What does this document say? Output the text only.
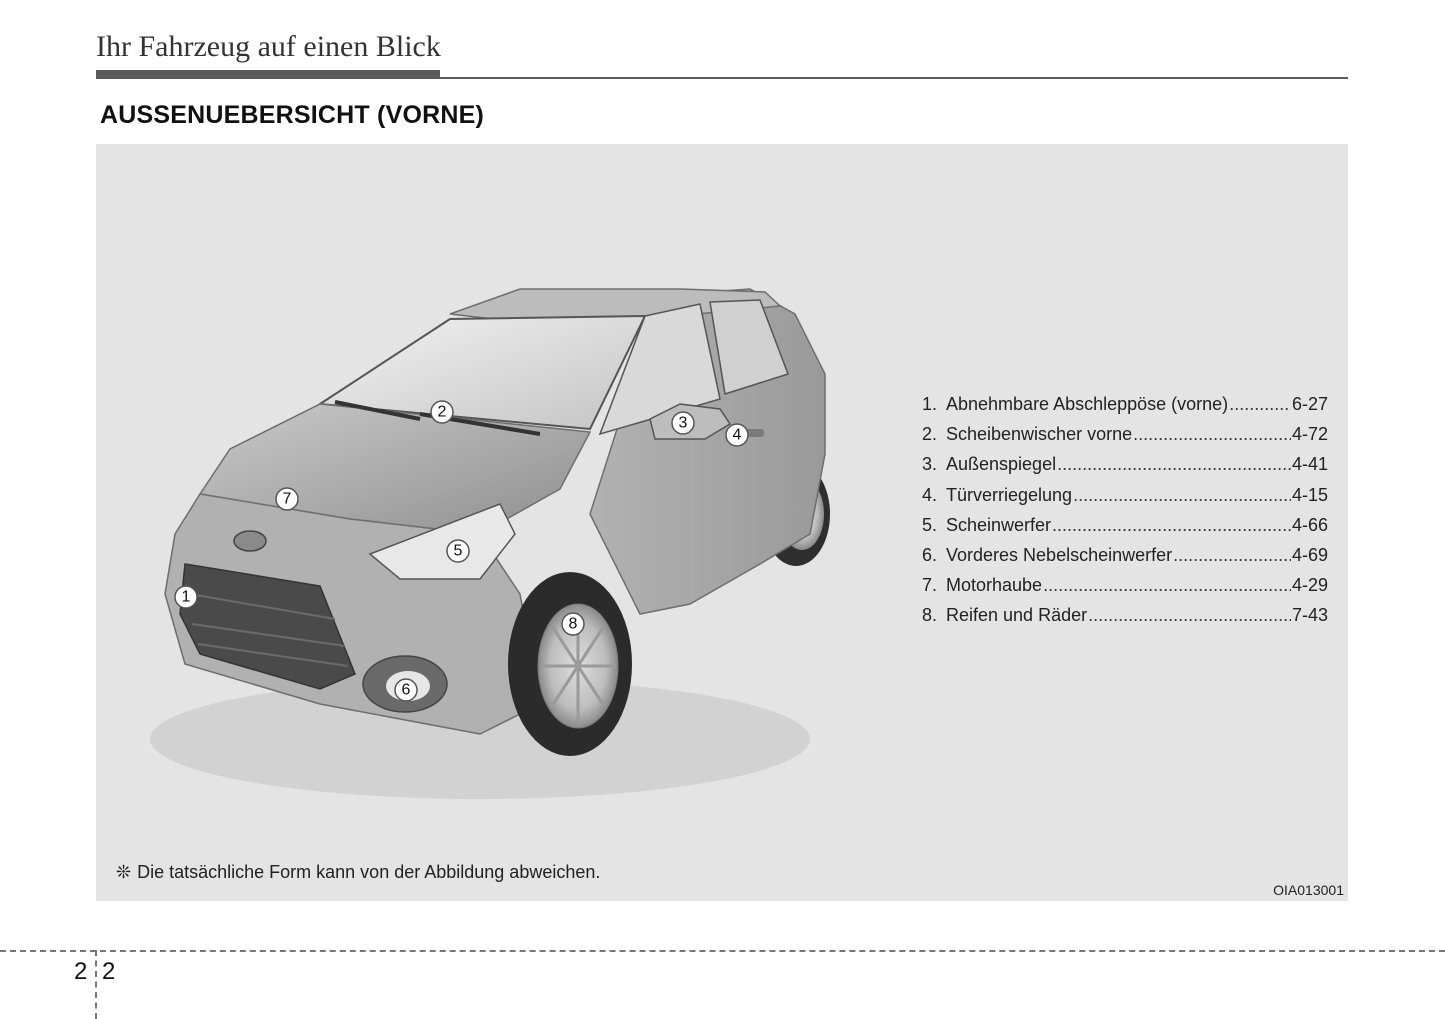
Ihr Fahrzeug auf einen Blick
AUSSENUEBERSICHT (VORNE)
1
2
3
4
5
6
7
8
1. Abnehmbare Abschleppöse (vorne) .....	6-27
2. Scheibenwischer vorne .....	4-72
3. Außenspiegel .....	4-41
4. Türverriegelung .....	4-15
5. Scheinwerfer .....	4-66
6. Vorderes Nebelscheinwerfer .....	4-69
7. Motorhaube .....	4-29
8. Reifen und Räder .....	7-43
❊ Die tatsächliche Form kann von der Abbildung abweichen.
OIA013001
2 2
